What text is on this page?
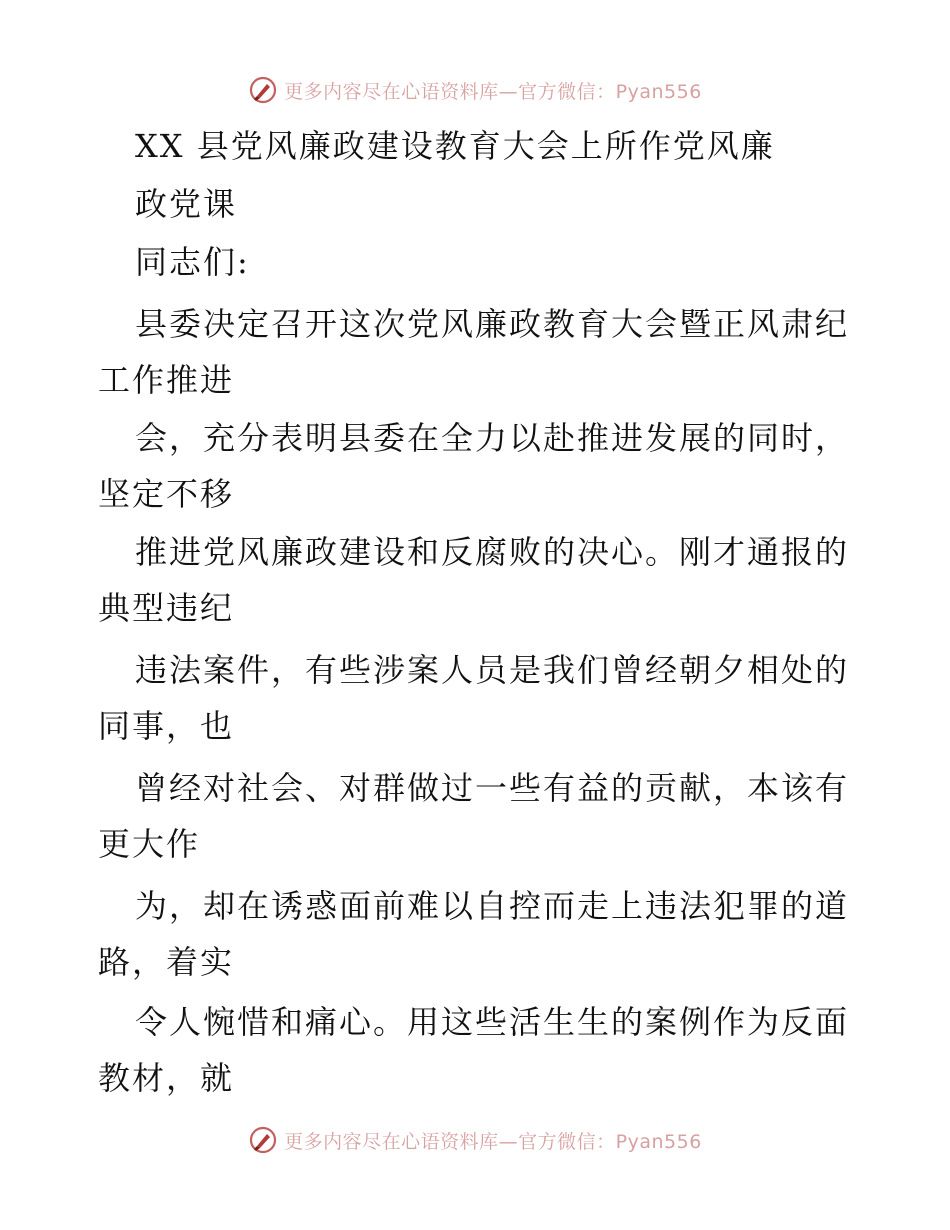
更多内容尽在心语资料库—官方微信：Pyan556
XX 县党风廉政建设教育大会上所作党风廉
政党课
同志们:
县委决定召开这次党风廉政教育大会暨正风肃纪
工作推进
会，充分表明县委在全力以赴推进发展的同时，
坚定不移
推进党风廉政建设和反腐败的决心。刚才通报的
典型违纪
违法案件，有些涉案人员是我们曾经朝夕相处的
同事，也
曾经对社会、对群做过一些有益的贡献，本该有
更大作
为，却在诱惑面前难以自控而走上违法犯罪的道
路，着实
令人惋惜和痛心。用这些活生生的案例作为反面
教材，就
更多内容尽在心语资料库—官方微信：Pyan556
